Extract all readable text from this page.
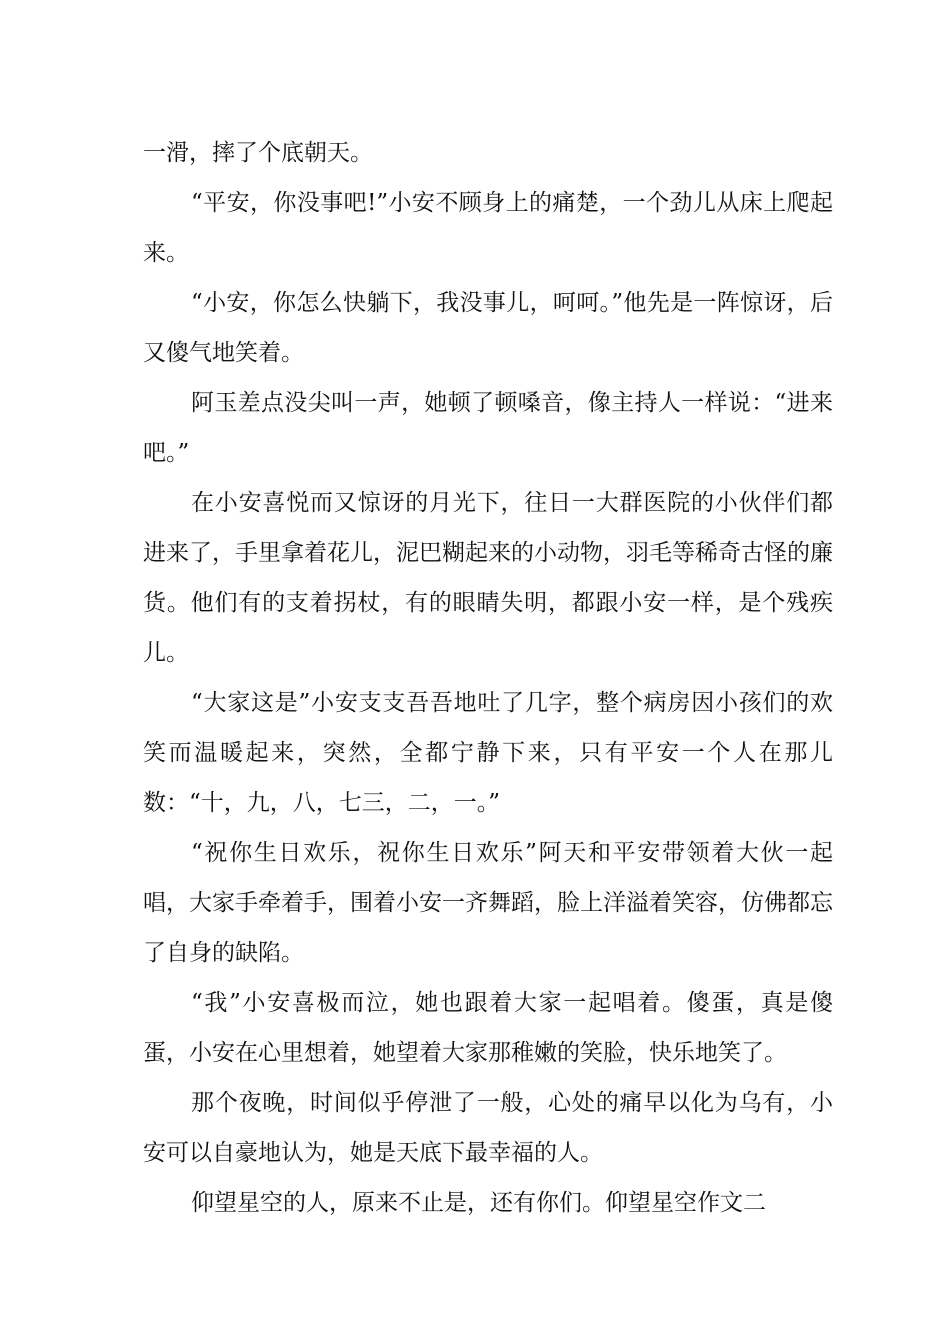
一滑，摔了个底朝天。

“平安，你没事吧!”小安不顾身上的痛楚，一个劲儿从床上爬起来。

“小安，你怎么快躺下，我没事儿，呵呵。”他先是一阵惊讶，后又傻气地笑着。

阿玉差点没尖叫一声，她顿了顿嗓音，像主持人一样说：“进来吧。”

在小安喜悦而又惊讶的月光下，往日一大群医院的小伙伴们都进来了，手里拿着花儿，泥巴糊起来的小动物，羽毛等稀奇古怪的廉货。他们有的支着拐杖，有的眼睛失明，都跟小安一样，是个残疾儿。

“大家这是”小安支支吾吾地吐了几字，整个病房因小孩们的欢笑而温暖起来，突然，全都宁静下来，只有平安一个人在那儿数：“十，九，八，七三，二，一。”

“祝你生日欢乐，祝你生日欢乐”阿天和平安带领着大伙一起唱，大家手牵着手，围着小安一齐舞蹈，脸上洋溢着笑容，仿佛都忘了自身的缺陷。

“我”小安喜极而泣，她也跟着大家一起唱着。傻蛋，真是傻蛋，小安在心里想着，她望着大家那稚嫩的笑脸，快乐地笑了。

那个夜晚，时间似乎停泄了一般，心处的痛早以化为乌有，小安可以自豪地认为，她是天底下最幸福的人。

仰望星空的人，原来不止是，还有你们。仰望星空作文二
